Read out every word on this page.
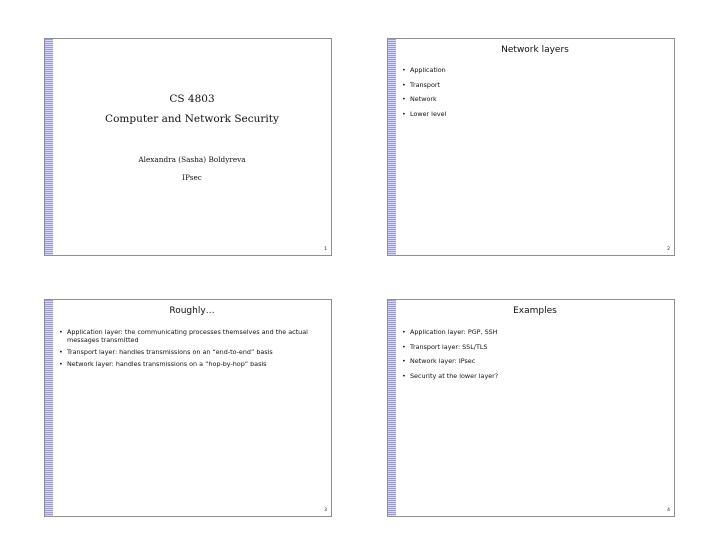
CS 4803
Computer and Network Security
Alexandra (Sasha) Boldyreva
IPsec
1
Network layers
• Application
• Transport
• Network
• Lower level
2
Roughly…
• Application layer: the communicating processes themselves and the actual messages transmitted
• Transport layer: handles transmissions on an “end-to-end” basis
• Network layer: handles transmissions on a “hop-by-hop” basis
3
Examples
• Application layer: PGP, SSH
• Transport layer: SSL/TLS
• Network layer: IPsec
• Security at the lower layer?
4
